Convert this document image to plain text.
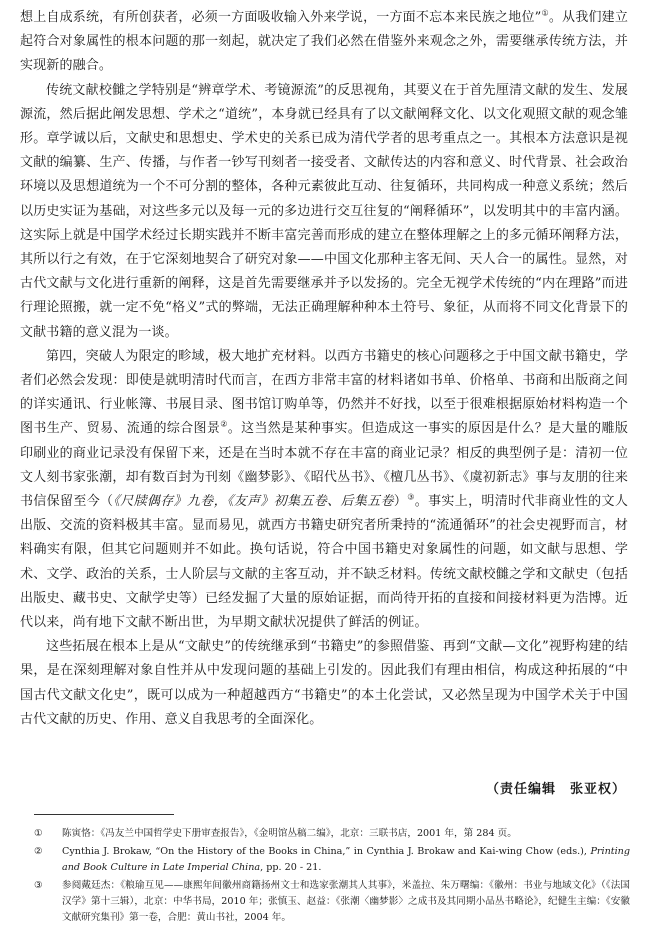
想上自成系统，有所创获者，必须一方面吸收输入外来学说，一方面不忘本来民族之地位”①。从我们建立起符合对象属性的根本问题的那一刻起，就决定了我们必然在借鉴外来观念之外，需要继承传统方法，并实现新的融合。

传统文献校雠之学特别是“辨章学术、考镜源流”的反思视角，其要义在于首先厘清文献的发生、发展源流，然后据此阐发思想、学术之“道统”，本身就已经具有了以文献阐释文化、以文化观照文献的观念雏形。章学诚以后，文献史和思想史、学术史的关系已成为清代学者的思考重点之一。其根本方法意识是视文献的编纂、生产、传播，与作者一钞写刊刻者一接受者、文献传达的内容和意义、时代背景、社会政治环境以及思想道统为一个不可分割的整体，各种元素彼此互动、往复循环，共同构成一种意义系统；然后以历史实证为基础，对这些多元以及每一元的多边进行交互往复的“阐释循环”，以发明其中的丰富内涵。这实际上就是中国学术经过长期实践并不断丰富完善而形成的建立在整体理解之上的多元循环阐释方法，其所以行之有效，在于它深刻地契合了研究对象——中国文化那种主客无间、天人合一的属性。显然，对古代文献与文化进行重新的阐释，这是首先需要继承并予以发扬的。完全无视学术传统的“内在理路”而进行理论照搬，就一定不免“格义”式的弊端，无法正确理解种种本土符号、象征，从而将不同文化背景下的文献书籍的意义混为一谈。

第四，突破人为限定的畛域，极大地扩充材料。以西方书籍史的核心问题移之于中国文献书籍史，学者们必然会发现：即使是就明清时代而言，在西方非常丰富的材料诸如书单、价格单、书商和出版商之间的详实通讯、行业帐簿、书展目录、图书馆订购单等，仍然并不好找，以至于很难根据原始材料构造一个图书生产、贸易、流通的综合图景②。这当然是某种事实。但造成这一事实的原因是什么？是大量的雕版印刷业的商业记录没有保留下来，还是在当时本就不存在丰富的商业记录？相反的典型例子是：清初一位文人刻书家张潮，却有数百封为刊刻《幽梦影》、《昭代丛书》、《檀几丛书》、《虞初新志》事与友朋的往来书信保留至今（《尺牍偶存》九卷，《友声》初集五卷、后集五卷）③。事实上，明清时代非商业性的文人出版、交流的资料极其丰富。显而易见，就西方书籍史研究者所秉持的“流通循环”的社会史视野而言，材料确实有限，但其它问题则并不如此。换句话说，符合中国书籍史对象属性的问题，如文献与思想、学术、文学、政治的关系，士人阶层与文献的主客互动，并不缺乏材料。传统文献校雠之学和文献史（包括出版史、藏书史、文献学史等）已经发掘了大量的原始证据，而尚待开拓的直接和间接材料更为浩博。近代以来，尚有地下文献不断出世，为早期文献状况提供了鲜活的例证。

这些拓展在根本上是从“文献史”的传统继承到“书籍史”的参照借鉴、再到“文献—文化”视野构建的结果，是在深刻理解对象自性并从中发现问题的基础上引发的。因此我们有理由相信，构成这种拓展的“中国古代文献文化史”，既可以成为一种超越西方“书籍史”的本土化尝试，又必然呈现为中国学术关于中国古代文献的历史、作用、意义自我思考的全面深化。

（责任编辑　张亚权）
①	陈寅恪：《冯友兰中国哲学史下册审查报告》，《金明馆丛稿二编》，北京：三联书店，2001 年，第 284 页。
②	Cynthia J. Brokaw, “On the History of the Books in China,” in Cynthia J. Brokaw and Kai-wing Chow (eds.), Printing and Book Culture in Late Imperial China, pp. 20 - 21.
③	参阅戴廷杰：《粮瑜互见——康熙年间徽州商籍扬州文士和选家张潮其人其事》，米盖拉、朱万曙编：《徽州：书业与地域文化》（《法国汉学》第十三辑），北京：中华书局，2010 年；张慎玉、赵益：《张潮〈幽梦影〉之成书及其同期小品丛书略论》，纪健生主编：《安徽文献研究集刊》第一卷，合肥：黄山书社，2004 年。
